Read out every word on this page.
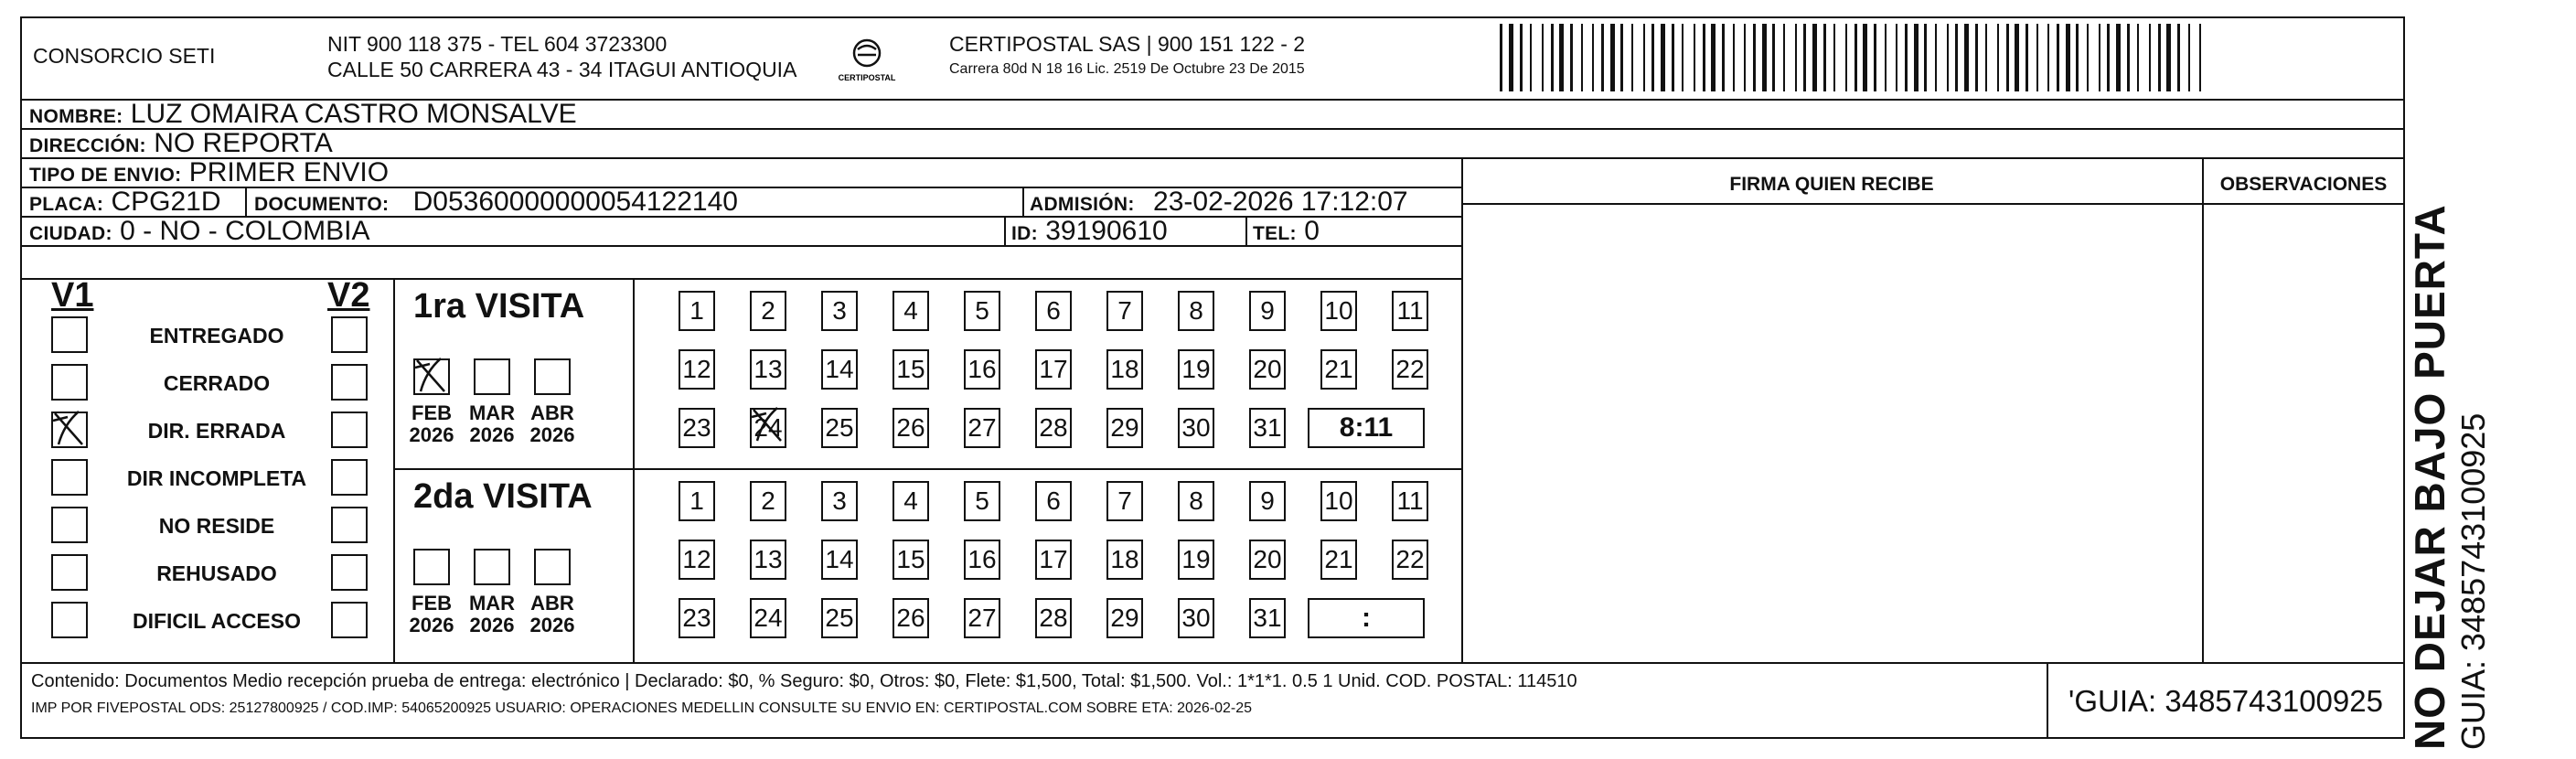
CONSORCIO SETI	NIT 900 118 375 - TEL 604 3723300
CALLE 50 CARRERA 43 - 34 ITAGUI ANTIOQUIA	CERTIPOSTAL
CERTIPOSTAL SAS | 900 151 122 - 2
Carrera 80d N 18 16 Lic. 2519 De Octubre 23 De 2015
NOMBRE: LUZ OMAIRA CASTRO MONSALVE
DIRECCIÓN: NO REPORTA
TIPO DE ENVIO: PRIMER ENVIO	FIRMA QUIEN RECIBE	OBSERVACIONES
PLACA: CPG21D DOCUMENTO: D05360000000054122140	ADMISIÓN: 23-02-2026 17:12:07
CIUDAD: 0 - NO - COLOMBIA	ID: 39190610	TEL: 0
V1	V2
ENTREGADO
CERRADO
DIR. ERRADA
DIR INCOMPLETA
NO RESIDE
REHUSADO
DIFICIL ACCESO
1ra VISITA
FEB
2026
MAR
2026
ABR
2026
1	2	3	4	5	6	7	8	9	10 11
12 13 14 15 16 17 18 19 20 21 22
23 24 25 26 27 28 29 30 31	8:11
2da VISITA
FEB
2026
MAR
2026
ABR
2026
1	2	3	4	5	6	7	8	9	10 11
12 13 14 15 16 17 18 19 20 21 22
23 24 25 26 27 28 29 30 31	:
Contenido: Documentos Medio recepción prueba de entrega: electrónico | Declarado: $0, % Seguro: $0, Otros: $0, Flete: $1,500, Total: $1,500. Vol.: 1*1*1. 0.5 1 Unid. COD. POSTAL: 114510
IMP POR FIVEPOSTAL ODS: 25127800925 / COD.IMP: 54065200925 USUARIO: OPERACIONES MEDELLIN CONSULTE SU ENVIO EN: CERTIPOSTAL.COM SOBRE ETA: 2026-02-25	'GUIA: 3485743100925 NO DEJAR BAJO PUERTA GUIA: 3485743100925
